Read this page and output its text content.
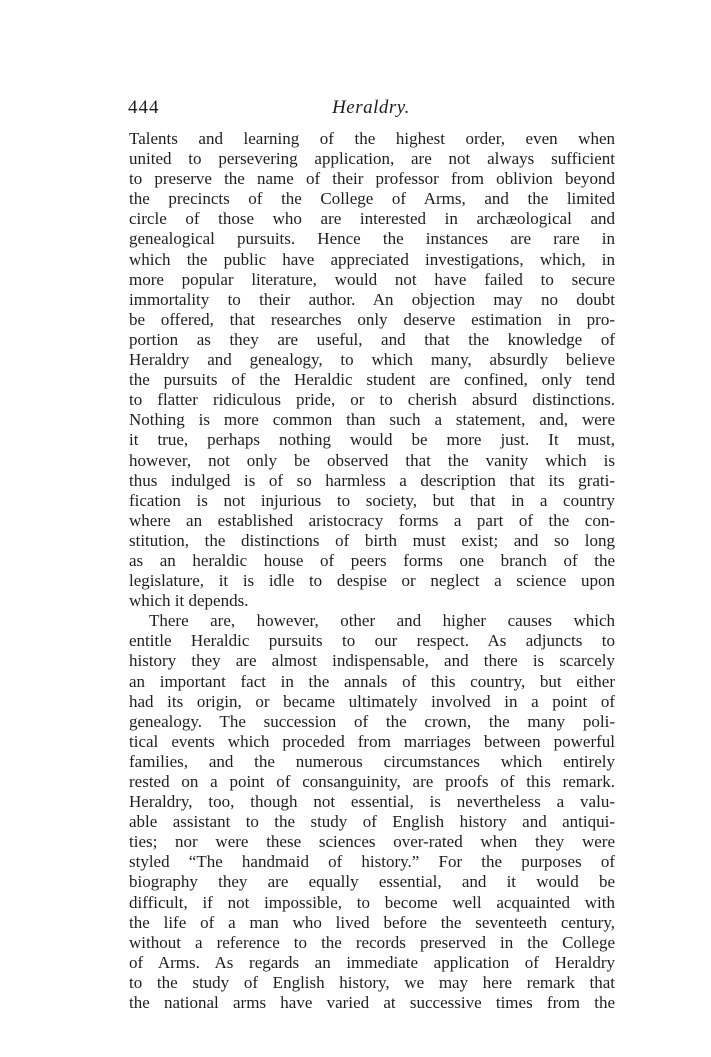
444	Heraldry.
Talents and learning of the highest order, even when
united to persevering application, are not always sufficient
to preserve the name of their professor from oblivion beyond
the precincts of the College of Arms, and the limited
circle of those who are interested in archæological and
genealogical pursuits. Hence the instances are rare in
which the public have appreciated investigations, which, in
more popular literature, would not have failed to secure
immortality to their author. An objection may no doubt
be offered, that researches only deserve estimation in pro-
portion as they are useful, and that the knowledge of
Heraldry and genealogy, to which many, absurdly believe
the pursuits of the Heraldic student are confined, only tend
to flatter ridiculous pride, or to cherish absurd distinctions.
Nothing is more common than such a statement, and, were
it true, perhaps nothing would be more just. It must,
however, not only be observed that the vanity which is
thus indulged is of so harmless a description that its grati-
fication is not injurious to society, but that in a country
where an established aristocracy forms a part of the con-
stitution, the distinctions of birth must exist; and so long
as an heraldic house of peers forms one branch of the
legislature, it is idle to despise or neglect a science upon
which it depends.
There are, however, other and higher causes which
entitle Heraldic pursuits to our respect. As adjuncts to
history they are almost indispensable, and there is scarcely
an important fact in the annals of this country, but either
had its origin, or became ultimately involved in a point of
genealogy. The succession of the crown, the many poli-
tical events which proceded from marriages between powerful
families, and the numerous circumstances which entirely
rested on a point of consanguinity, are proofs of this remark.
Heraldry, too, though not essential, is nevertheless a valu-
able assistant to the study of English history and antiqui-
ties; nor were these sciences over-rated when they were
styled “The handmaid of history.” For the purposes of
biography they are equally essential, and it would be
difficult, if not impossible, to become well acquainted with
the life of a man who lived before the seventeeth century,
without a reference to the records preserved in the College
of Arms. As regards an immediate application of Heraldry
to the study of English history, we may here remark that
the national arms have varied at successive times from the
